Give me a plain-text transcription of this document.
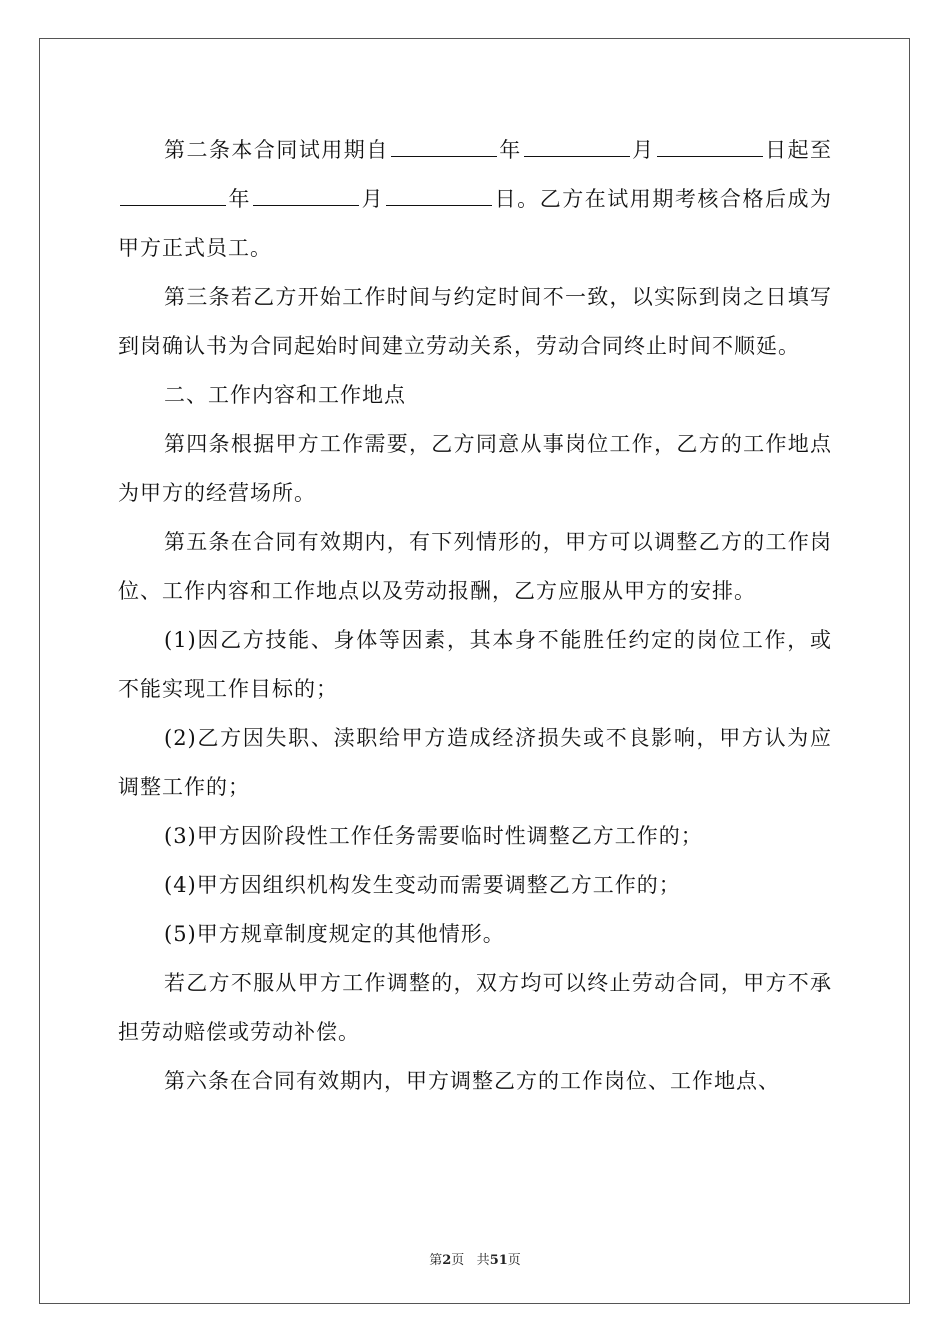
第二条本合同试用期自	年	月	日起至年	月	日。乙方在试用期考核合格后成为甲方正式员工。

第三条若乙方开始工作时间与约定时间不一致，以实际到岗之日填写到岗确认书为合同起始时间建立劳动关系，劳动合同终止时间不顺延。

二、工作内容和工作地点

第四条根据甲方工作需要，乙方同意从事岗位工作，乙方的工作地点为甲方的经营场所。

第五条在合同有效期内，有下列情形的，甲方可以调整乙方的工作岗位、工作内容和工作地点以及劳动报酬，乙方应服从甲方的安排。

(1)因乙方技能、身体等因素，其本身不能胜任约定的岗位工作，或不能实现工作目标的；

(2)乙方因失职、渎职给甲方造成经济损失或不良影响，甲方认为应调整工作的；

(3)甲方因阶段性工作任务需要临时性调整乙方工作的；

(4)甲方因组织机构发生变动而需要调整乙方工作的；

(5)甲方规章制度规定的其他情形。

若乙方不服从甲方工作调整的，双方均可以终止劳动合同，甲方不承担劳动赔偿或劳动补偿。

第六条在合同有效期内，甲方调整乙方的工作岗位、工作地点、

第2页 共51页
